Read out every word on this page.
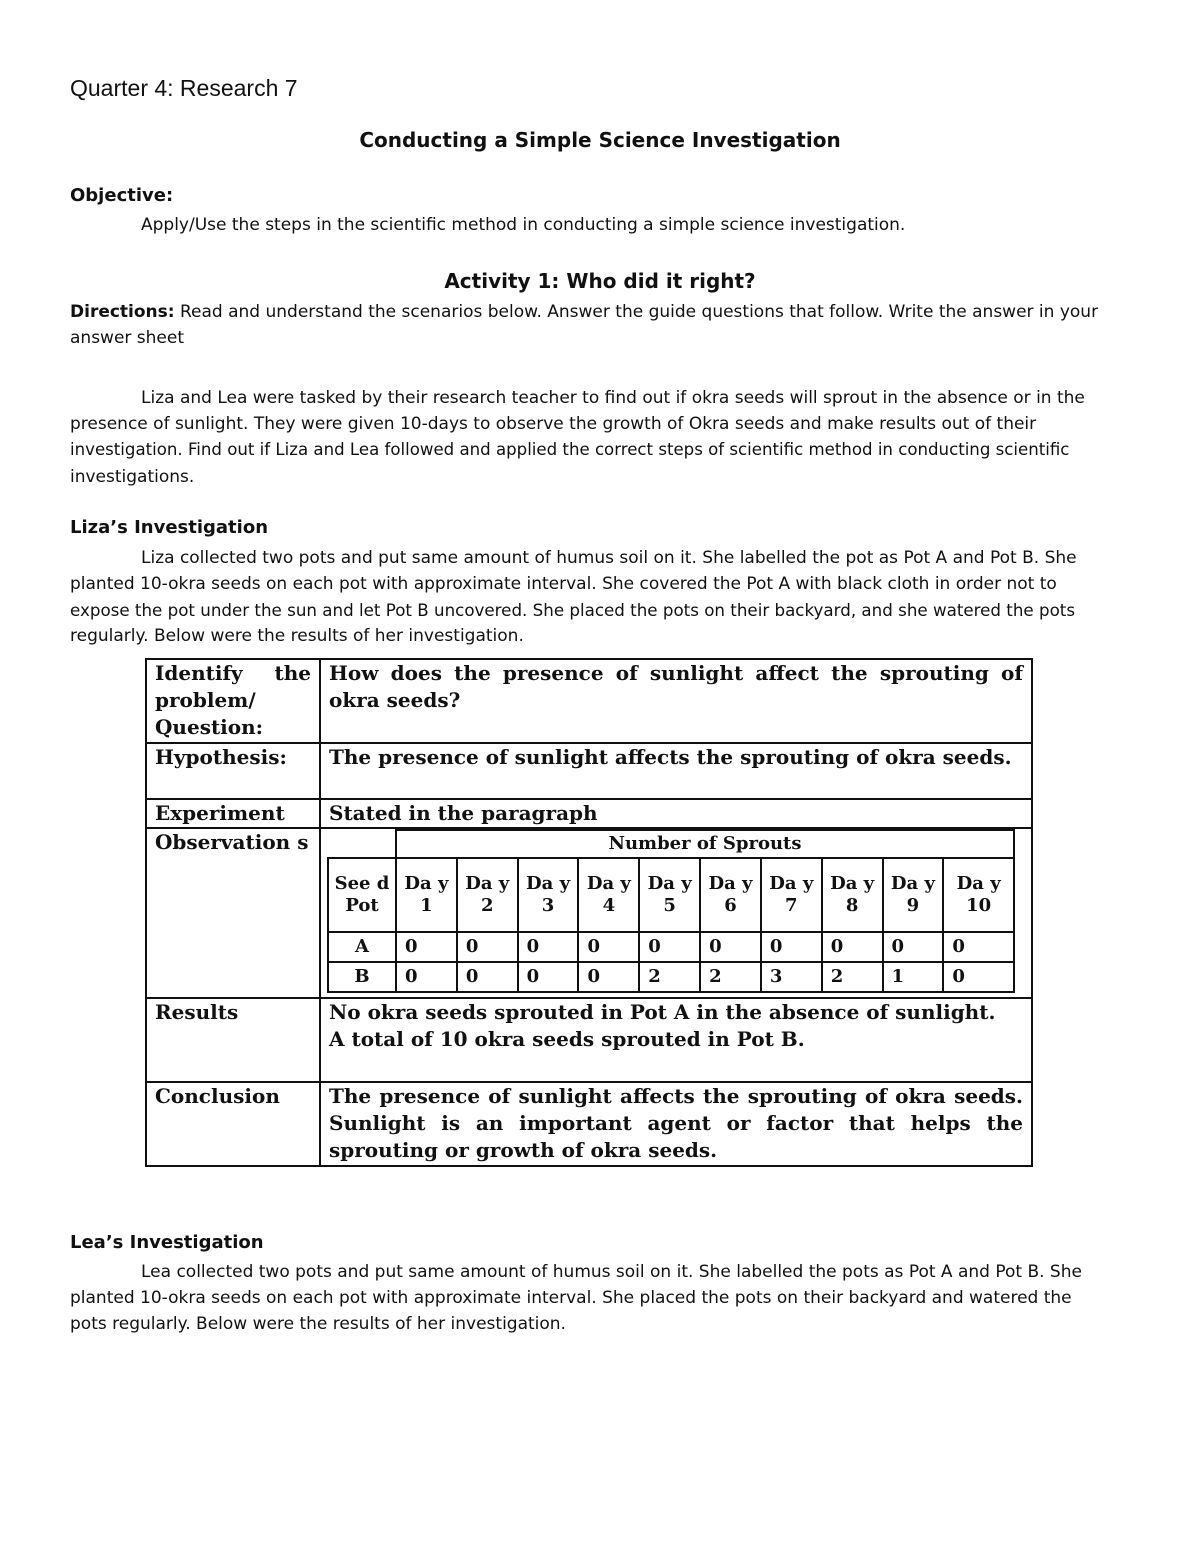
Quarter 4: Research 7
Conducting a Simple Science Investigation
Objective:
Apply/Use the steps in the scientific method in conducting a simple science investigation.
Activity 1: Who did it right?
Directions: Read and understand the scenarios below. Answer the guide questions that follow. Write the answer in your
answer sheet
Liza and Lea were tasked by their research teacher to find out if okra seeds will sprout in the absence or in the
presence of sunlight. They were given 10-days to observe the growth of Okra seeds and make results out of their
investigation. Find out if Liza and Lea followed and applied the correct steps of scientific method in conducting scientific
investigations.
Liza’s Investigation
Liza collected two pots and put same amount of humus soil on it. She labelled the pot as Pot A and Pot B. She
planted 10-okra seeds on each pot with approximate interval. She covered the Pot A with black cloth in order not to
expose the pot under the sun and let Pot B uncovered. She placed the pots on their backyard, and she watered the pots
regularly. Below were the results of her investigation.
Identify the problem/ Question:	How does the presence of sunlight affect the sprouting of okra seeds?
Hypothesis:	The presence of sunlight affects the sprouting of okra seeds.
Experiment	Stated in the paragraph
Observation s	
		Number of Sprouts
See d Pot	Da y 1	Da y 2	Da y 3	Da y 4	Da y 5	Da y 6	Da y 7	Da y 8	Da y 9	Da y 10
A	0	0	0	0	0	0	0	0	0	0
B	0	0	0	0	2	2	3	2	1	0

Results	No okra seeds sprouted in Pot A in the absence of sunlight.
A total of 10 okra seeds sprouted in Pot B.

Conclusion	The presence of sunlight affects the sprouting of okra seeds. Sunlight is an important agent or factor that helps the sprouting or growth of okra seeds.
Lea’s Investigation
Lea collected two pots and put same amount of humus soil on it. She labelled the pots as Pot A and Pot B. She
planted 10-okra seeds on each pot with approximate interval. She placed the pots on their backyard and watered the
pots regularly. Below were the results of her investigation.
